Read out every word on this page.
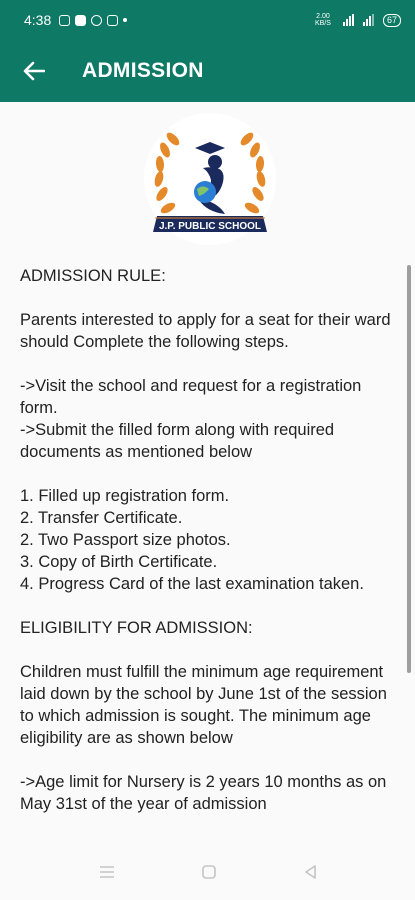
4:38	2.00 KB/S	67
ADMISSION
J.P. PUBLIC SCHOOL

ADMISSION RULE:

Parents interested to apply for a seat for their ward should Complete the following steps.

->Visit the school and request for a registration form.
->Submit the filled form along with required documents as mentioned below

1. Filled up registration form.
2. Transfer Certificate.
2. Two Passport size photos.
3. Copy of Birth Certificate.
4. Progress Card of the last examination taken.

ELIGIBILITY FOR ADMISSION:

Children must fulfill the minimum age requirement laid down by the school by June 1st of the session to which admission is sought. The minimum age eligibility are as shown below

->Age limit for Nursery is 2 years 10 months as on May 31st of the year of admission
